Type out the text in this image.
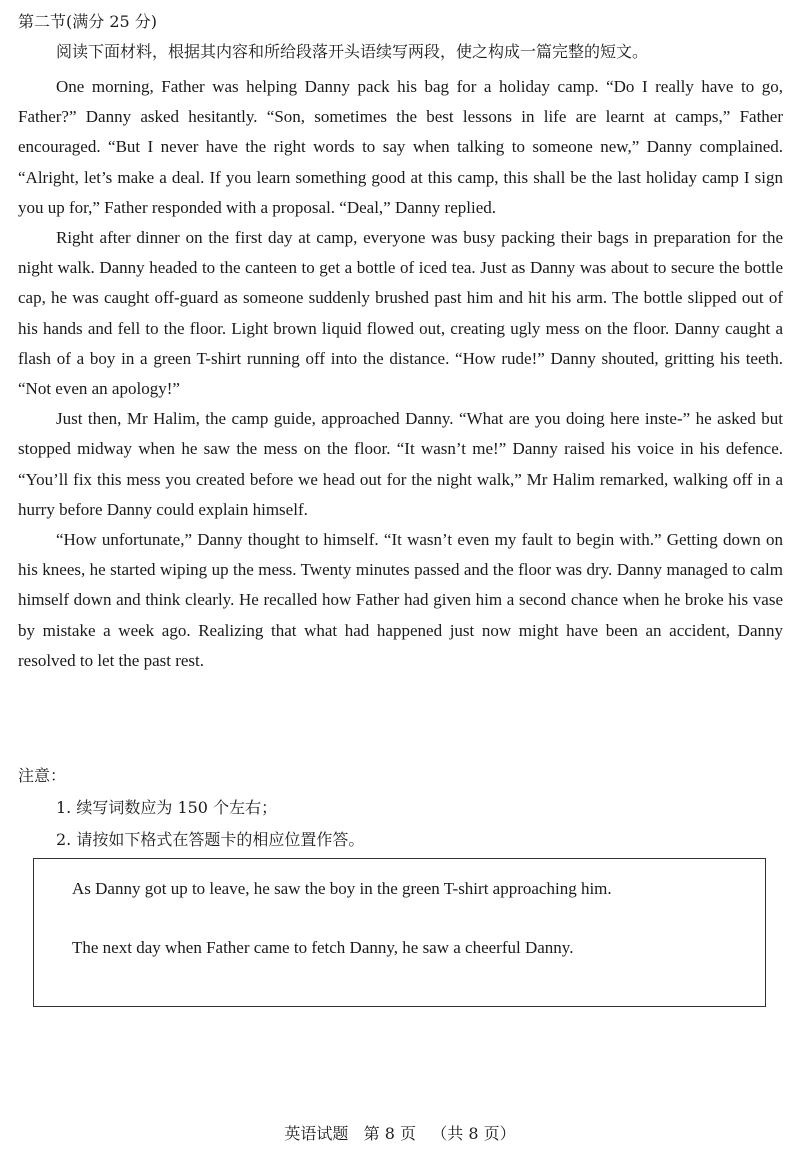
第二节(满分 25 分)
阅读下面材料，根据其内容和所给段落开头语续写两段，使之构成一篇完整的短文。

One morning, Father was helping Danny pack his bag for a holiday camp. “Do I really have to go, Father?” Danny asked hesitantly. “Son, sometimes the best lessons in life are learnt at camps,” Father encouraged. “But I never have the right words to say when talking to someone new,” Danny complained. “Alright, let’s make a deal. If you learn something good at this camp, this shall be the last holiday camp I sign you up for,” Father responded with a proposal. “Deal,” Danny replied.

Right after dinner on the first day at camp, everyone was busy packing their bags in preparation for the night walk. Danny headed to the canteen to get a bottle of iced tea. Just as Danny was about to secure the bottle cap, he was caught off-guard as someone suddenly brushed past him and hit his arm. The bottle slipped out of his hands and fell to the floor. Light brown liquid flowed out, creating ugly mess on the floor. Danny caught a flash of a boy in a green T-shirt running off into the distance. “How rude!” Danny shouted, gritting his teeth. “Not even an apology!”

Just then, Mr Halim, the camp guide, approached Danny. “What are you doing here inste-” he asked but stopped midway when he saw the mess on the floor. “It wasn’t me!” Danny raised his voice in his defence. “You’ll fix this mess you created before we head out for the night walk,” Mr Halim remarked, walking off in a hurry before Danny could explain himself.

“How unfortunate,” Danny thought to himself. “It wasn’t even my fault to begin with.” Getting down on his knees, he started wiping up the mess. Twenty minutes passed and the floor was dry. Danny managed to calm himself down and think clearly. He recalled how Father had given him a second chance when he broke his vase by mistake a week ago. Realizing that what had happened just now might have been an accident, Danny resolved to let the past rest.

注意：
1. 续写词数应为 150 个左右；
2. 请按如下格式在答题卡的相应位置作答。
As Danny got up to leave, he saw the boy in the green T-shirt approaching him.
The next day when Father came to fetch Danny, he saw a cheerful Danny.
英语试题   第 8 页   （共 8 页）
